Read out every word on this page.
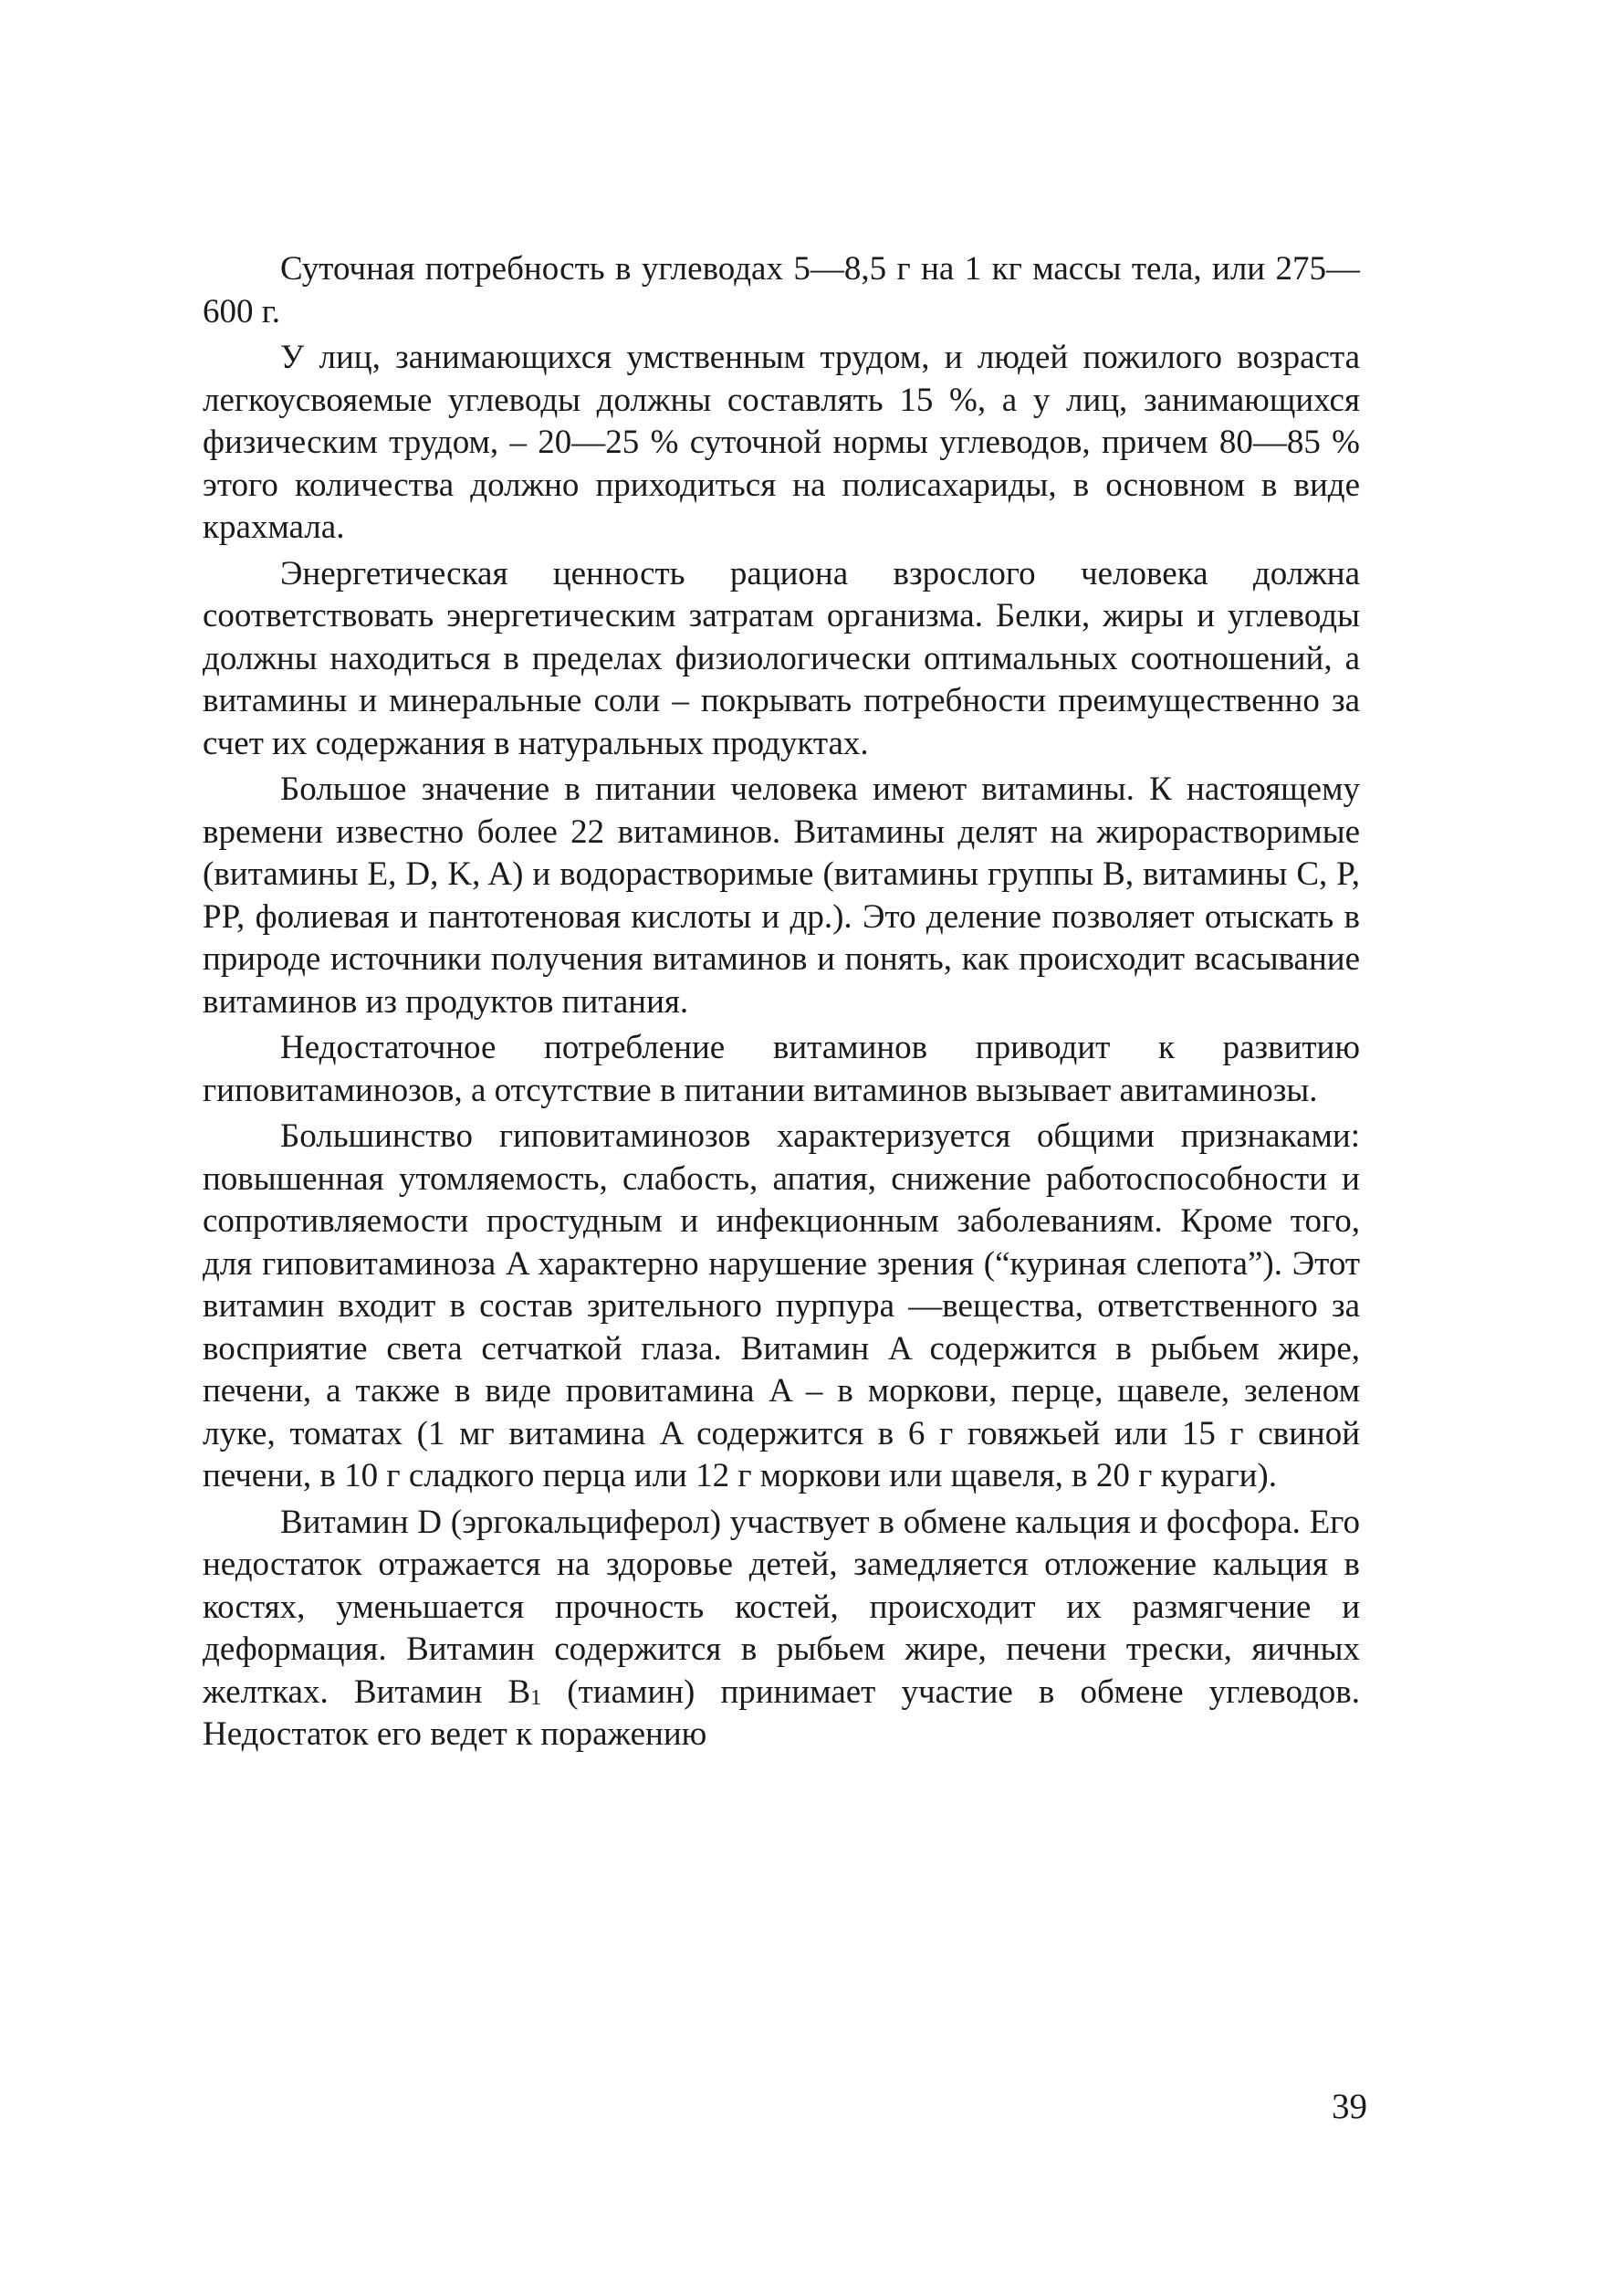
Суточная потребность в углеводах 5—8,5 г на 1 кг массы тела, или 275—600 г.

У лиц, занимающихся умственным трудом, и людей пожилого возраста легкоусвояемые углеводы должны составлять 15 %, а у лиц, занимающихся физическим трудом, – 20—25 % суточной нормы углеводов, причем 80—85 % этого количества должно приходиться на полисахариды, в основном в виде крахмала.

Энергетическая ценность рациона взрослого человека должна соответствовать энергетическим затратам организма. Белки, жиры и углеводы должны находиться в пределах физиологически оптимальных соотношений, а витамины и минеральные соли – покрывать потребности преимущественно за счет их содержания в натуральных продуктах.

Большое значение в питании человека имеют витамины. К настоящему времени известно более 22 витаминов. Витамины делят на жирорастворимые (витамины E, D, K, A) и водорастворимые (витамины группы B, витамины C, P, PP, фолиевая и пантотеновая кислоты и др.). Это деление позволяет отыскать в природе источники получения витаминов и понять, как происходит всасывание витаминов из продуктов питания.

Недостаточное потребление витаминов приводит к развитию гиповитаминозов, а отсутствие в питании витаминов вызывает авитаминозы.

Большинство гиповитаминозов характеризуется общими признаками: повышенная утомляемость, слабость, апатия, снижение работоспособности и сопротивляемости простудным и инфекционным заболеваниям. Кроме того, для гиповитаминоза A характерно нарушение зрения (“куриная слепота”). Этот витамин входит в состав зрительного пурпура —вещества, ответственного за восприятие света сетчаткой глаза. Витамин A содержится в рыбьем жире, печени, а также в виде провитамина A – в моркови, перце, щавеле, зеленом луке, томатах (1 мг витамина A содержится в 6 г говяжьей или 15 г свиной печени, в 10 г сладкого перца или 12 г моркови или щавеля, в 20 г кураги).

Витамин D (эргокальциферол) участвует в обмене кальция и фосфора. Его недостаток отражается на здоровье детей, замедляется отложение кальция в костях, уменьшается прочность костей, происходит их размягчение и деформация. Витамин содержится в рыбьем жире, печени трески, яичных желтках. Витамин $B_1$ (тиамин) принимает участие в обмене углеводов. Недостаток его ведет к поражению

39
